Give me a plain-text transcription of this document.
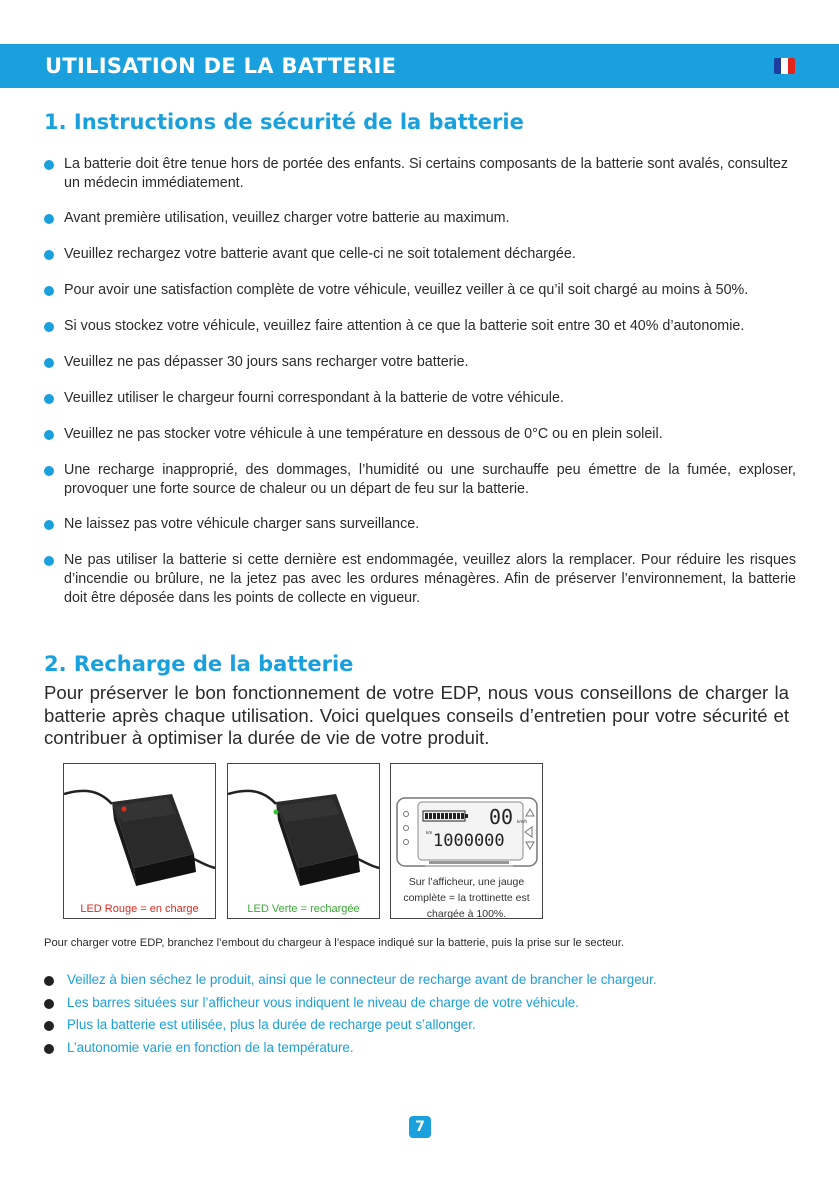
UTILISATION DE LA BATTERIE
1. Instructions de sécurité de la batterie
La batterie doit être tenue hors de portée des enfants. Si certains composants de la batterie sont avalés, consultez un médecin immédiatement.
Avant première utilisation, veuillez charger votre batterie au maximum.
Veuillez rechargez votre batterie avant que celle-ci ne soit totalement déchargée.
Pour avoir une satisfaction complète de votre véhicule, veuillez veiller à ce qu’il soit chargé au moins à 50%.
Si vous stockez votre véhicule, veuillez faire attention à ce que la batterie soit entre 30 et 40% d’autonomie.
Veuillez ne pas dépasser 30 jours sans recharger votre batterie.
Veuillez utiliser le chargeur fourni correspondant à la batterie de votre véhicule.
Veuillez ne pas stocker votre véhicule à une température en dessous de 0°C ou en plein soleil.
Une recharge inapproprié, des dommages, l’humidité ou une surchauffe peu émettre de la fumée, exploser, provoquer une forte source de chaleur ou un départ de feu sur la batterie.
Ne laissez pas votre véhicule charger sans surveillance.
Ne pas utiliser la batterie si cette dernière est endommagée, veuillez alors la remplacer. Pour réduire les risques d’incendie ou brûlure, ne la jetez pas avec les ordures ménagères. Afin de préserver l’environnement, la batterie doit être déposée dans les points de collecte en vigueur.
2. Recharge de la batterie
Pour préserver le bon fonctionnement de votre EDP, nous vous conseillons de charger la batterie après chaque utilisation. Voici quelques conseils d’entretien pour votre sécurité et contribuer à optimiser la durée de vie de votre produit.
LED Rouge = en charge	LED Verte = rechargée
00 km/h
1000000
km
Sur l’afficheur, une jauge complète = la trottinette est chargée à 100%.
Pour charger votre EDP, branchez l’embout du chargeur à l’espace indiqué sur la batterie, puis la prise sur le secteur.
Veillez à bien séchez le produit, ainsi que le connecteur de recharge avant de brancher le chargeur.
Les barres situées sur l’afficheur vous indiquent le niveau de charge de votre véhicule.
Plus la batterie est utilisée, plus la durée de recharge peut s’allonger.
L’autonomie varie en fonction de la température.
7
